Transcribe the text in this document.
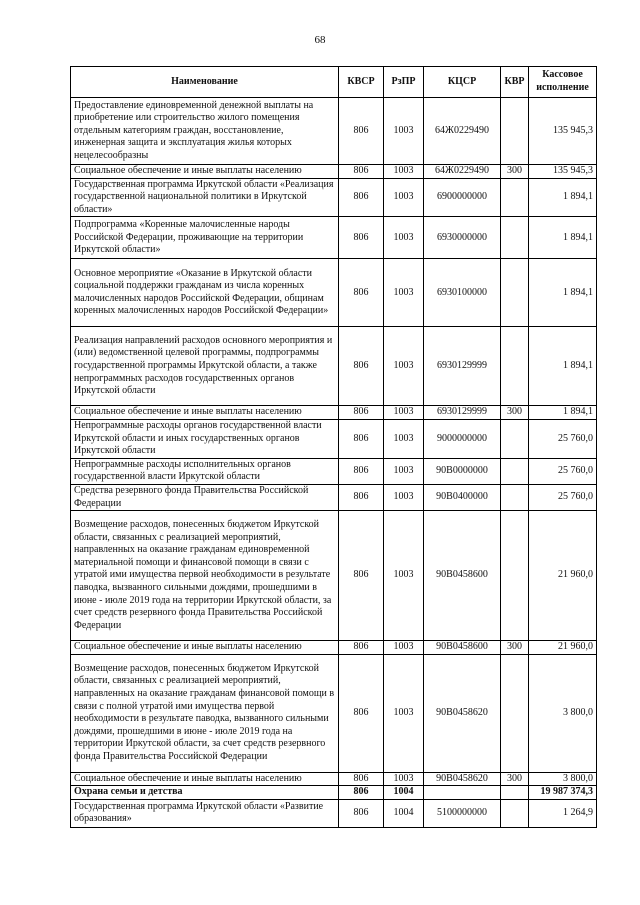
68
Наименование	КВСР	РзПР	КЦСР	КВР	Кассовое исполнение
Предоставление единовременной денежной выплаты на приобретение или строительство жилого помещения отдельным категориям граждан, восстановление, инженерная защита и эксплуатация жилья которых нецелесообразны	806	1003	64Ж0229490		135 945,3
Социальное обеспечение и иные выплаты населению	806	1003	64Ж0229490	300	135 945,3
Государственная программа Иркутской области «Реализация государственной национальной политики в Иркутской области»	806	1003	6900000000		1 894,1
Подпрограмма «Коренные малочисленные народы Российской Федерации, проживающие на территории Иркутской области»	806	1003	6930000000		1 894,1
Основное мероприятие «Оказание в Иркутской области социальной поддержки гражданам из числа коренных малочисленных народов Российской Федерации, общинам коренных малочисленных народов Российской Федерации»	806	1003	6930100000		1 894,1
Реализация направлений расходов основного мероприятия и (или) ведомственной целевой программы, подпрограммы государственной программы Иркутской области, а также непрограммных расходов государственных органов Иркутской области	806	1003	6930129999		1 894,1
Социальное обеспечение и иные выплаты населению	806	1003	6930129999	300	1 894,1
Непрограммные расходы органов государственной власти Иркутской области и иных государственных органов Иркутской области	806	1003	9000000000		25 760,0
Непрограммные расходы исполнительных органов государственной власти Иркутской области	806	1003	90В0000000		25 760,0
Средства резервного фонда Правительства Российской Федерации	806	1003	90В0400000		25 760,0
Возмещение расходов, понесенных бюджетом Иркутской области, связанных с реализацией мероприятий, направленных на оказание гражданам единовременной материальной помощи и финансовой помощи в связи с утратой ими имущества первой необходимости в результате паводка, вызванного сильными дождями, прошедшими в июне - июле 2019 года на территории Иркутской области, за счет средств резервного фонда Правительства Российской Федерации	806	1003	90В0458600		21 960,0
Социальное обеспечение и иные выплаты населению	806	1003	90В0458600	300	21 960,0
Возмещение расходов, понесенных бюджетом Иркутской области, связанных с реализацией мероприятий, направленных на оказание гражданам финансовой помощи в связи с полной утратой ими имущества первой необходимости в результате паводка, вызванного сильными дождями, прошедшими в июне - июле 2019 года на территории Иркутской области, за счет средств резервного фонда Правительства Российской Федерации	806	1003	90В0458620		3 800,0
Социальное обеспечение и иные выплаты населению	806	1003	90В0458620	300	3 800,0
Охрана семьи и детства	806	1004			19 987 374,3
Государственная программа Иркутской области «Развитие образования»	806	1004	5100000000		1 264,9
